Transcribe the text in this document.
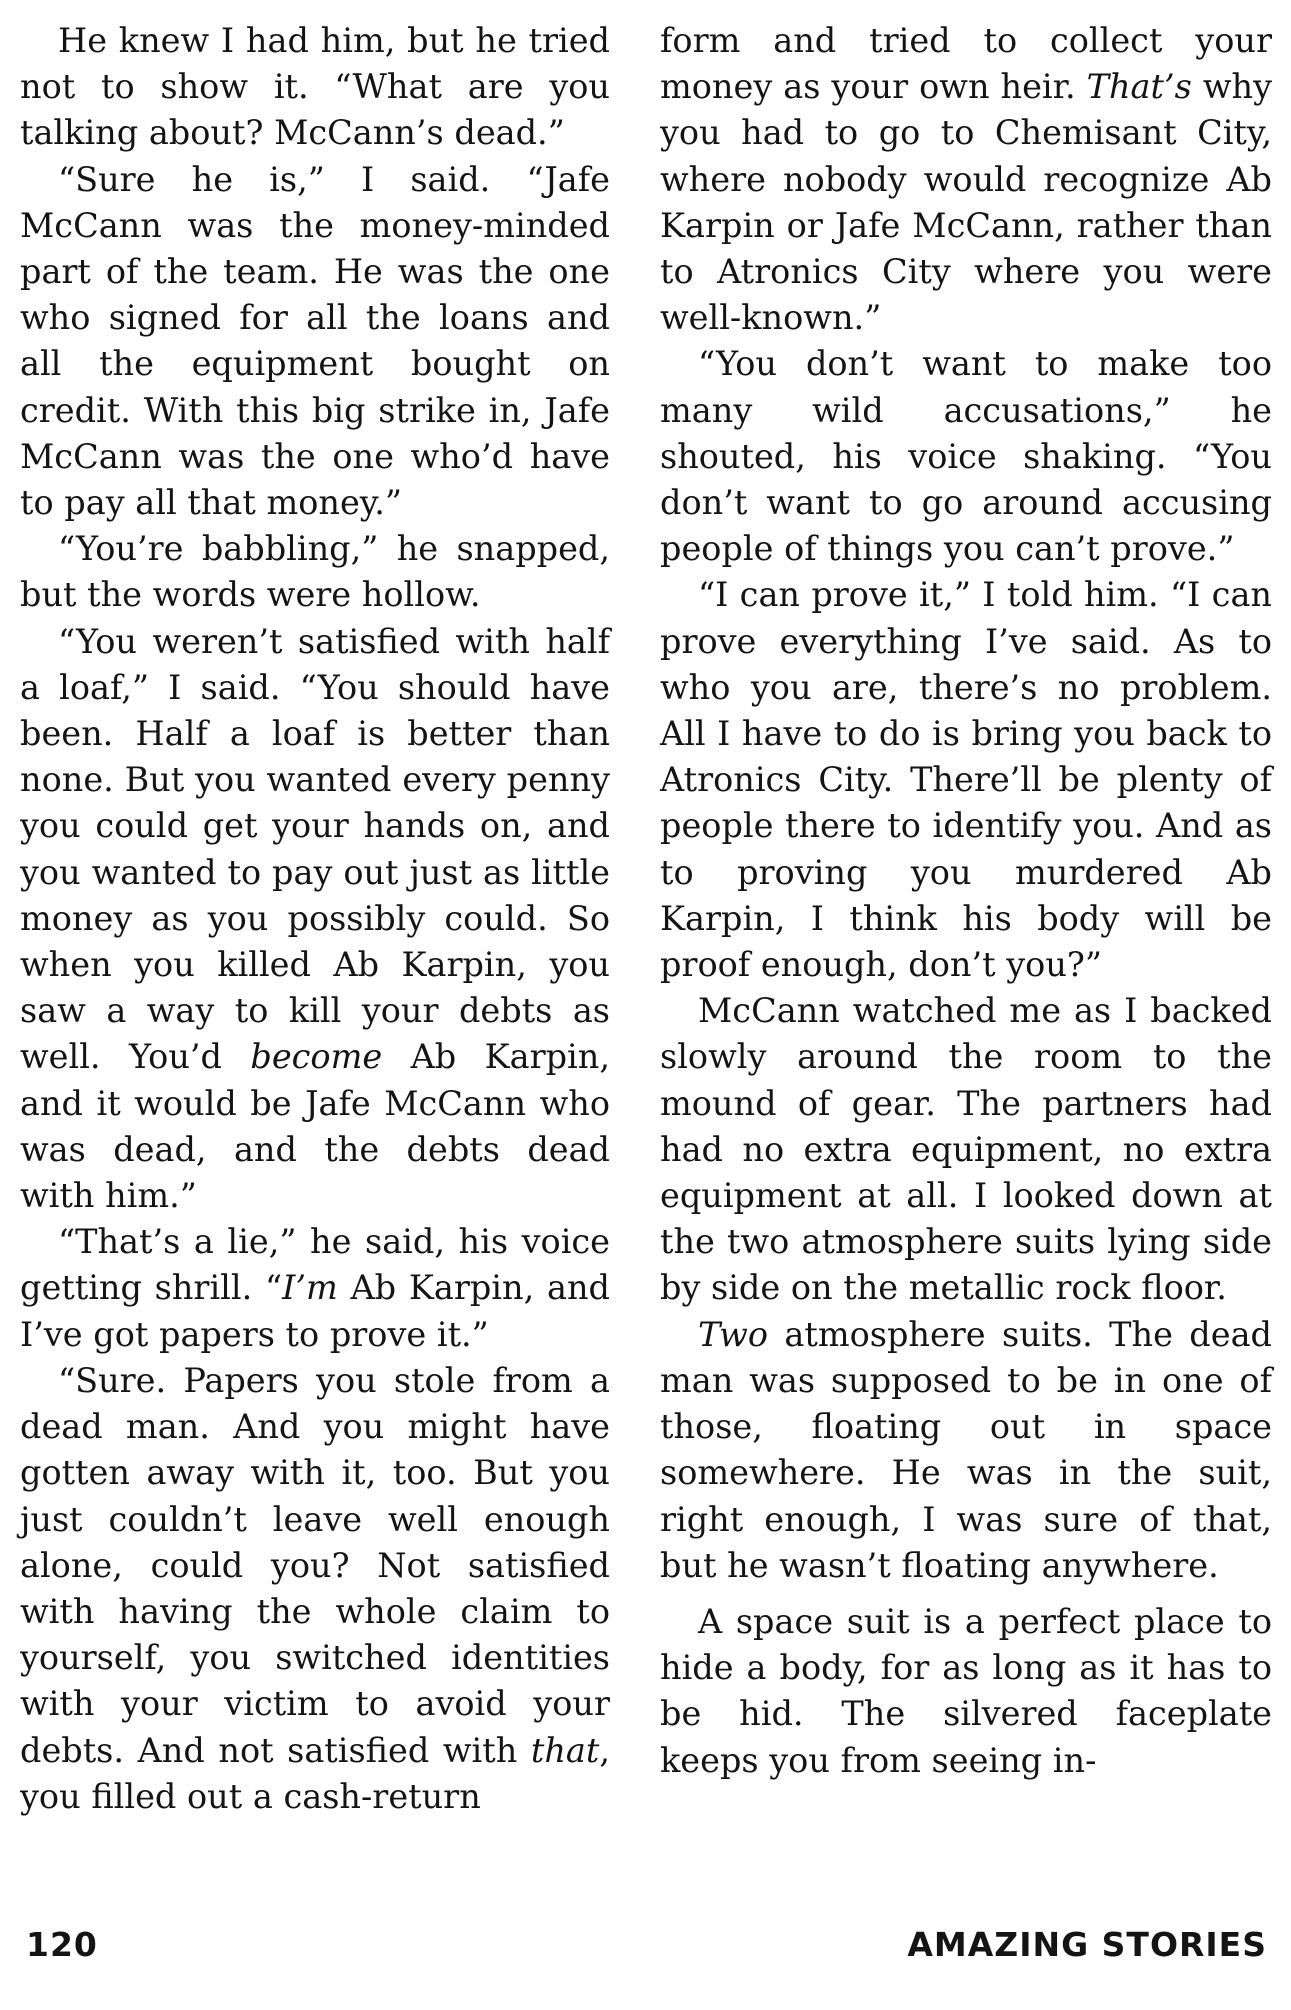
He knew I had him, but he tried not to show it. “What are you talking about? McCann’s dead.”

“Sure he is,” I said. “Jafe McCann was the money-minded part of the team. He was the one who signed for all the loans and all the equipment bought on credit. With this big strike in, Jafe McCann was the one who’d have to pay all that money.”

“You’re babbling,” he snapped, but the words were hollow.

“You weren’t satisfied with half a loaf,” I said. “You should have been. Half a loaf is better than none. But you wanted every penny you could get your hands on, and you wanted to pay out just as little money as you possibly could. So when you killed Ab Karpin, you saw a way to kill your debts as well. You’d become Ab Karpin, and it would be Jafe McCann who was dead, and the debts dead with him.”

“That’s a lie,” he said, his voice getting shrill. “I’m Ab Karpin, and I’ve got papers to prove it.”

“Sure. Papers you stole from a dead man. And you might have gotten away with it, too. But you just couldn’t leave well enough alone, could you? Not satisfied with having the whole claim to yourself, you switched identities with your victim to avoid your debts. And not satisfied with that, you filled out a cash-return

form and tried to collect your money as your own heir. That’s why you had to go to Chemisant City, where nobody would recognize Ab Karpin or Jafe McCann, rather than to Atronics City where you were well-known.”

“You don’t want to make too many wild accusations,” he shouted, his voice shaking. “You don’t want to go around accusing people of things you can’t prove.”

“I can prove it,” I told him. “I can prove everything I’ve said. As to who you are, there’s no problem. All I have to do is bring you back to Atronics City. There’ll be plenty of people there to identify you. And as to proving you murdered Ab Karpin, I think his body will be proof enough, don’t you?”

McCann watched me as I backed slowly around the room to the mound of gear. The partners had had no extra equipment, no extra equipment at all. I looked down at the two atmosphere suits lying side by side on the metallic rock floor.

Two atmosphere suits. The dead man was supposed to be in one of those, floating out in space somewhere. He was in the suit, right enough, I was sure of that, but he wasn’t floating anywhere.

A space suit is a perfect place to hide a body, for as long as it has to be hid. The silvered faceplate keeps you from seeing in-

120	AMAZING STORIES
